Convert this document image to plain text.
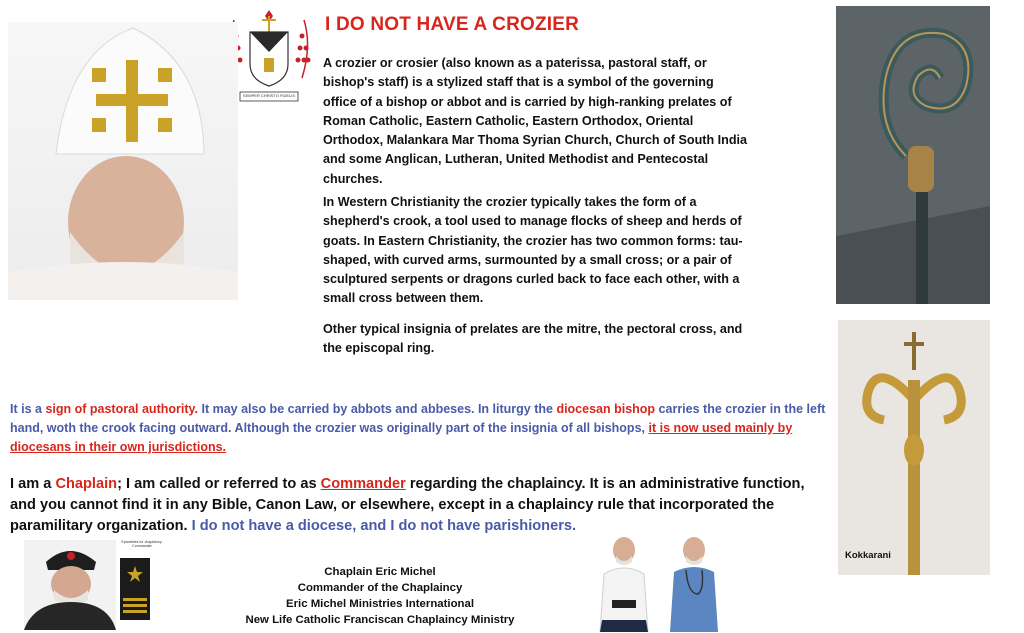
SEMPER CHRISTO FIDELIS
I DO NOT HAVE A CROZIER
A crozier or crosier (also known as a paterissa, pastoral staff, or bishop's staff) is a stylized staff that is a symbol of the governing office of a bishop or abbot and is carried by high-ranking prelates of Roman Catholic, Eastern Catholic, Eastern Orthodox, Oriental Orthodox, Malankara Mar Thoma Syrian Church, Church of South India and some Anglican, Lutheran, United Methodist and Pentecostal churches.
In Western Christianity the crozier typically takes the form of a shepherd's crook, a tool used to manage flocks of sheep and herds of goats. In Eastern Christianity, the crozier has two common forms: tau-shaped, with curved arms, surmounted by a small cross; or a pair of sculptured serpents or dragons curled back to face each other, with a small cross between them.
Other typical insignia of prelates are the mitre, the pectoral cross, and the episcopal ring.
Kokkarani
It is a sign of pastoral authority. It may also be carried by abbots and abbeses. In liturgy the diocesan bishop carries the crozier in the left hand, woth the crook facing outward. Although the crozier was originally part of the insignia of all bishops, it is now used mainly by diocesans in their own jurisdictions.
I am a Chaplain; I am called or referred to as Commander regarding the chaplaincy. It is an administrative function, and you cannot find it in any Bible, Canon Law, or elsewhere, except in a chaplaincy rule that incorporated the paramilitary organization. I do not have a diocese, and I do not have parishioners.
Epaulettes for chaplaincy: Commander
Chaplain Eric Michel
Commander of the Chaplaincy
Eric Michel Ministries International
New Life Catholic Franciscan Chaplaincy Ministry
